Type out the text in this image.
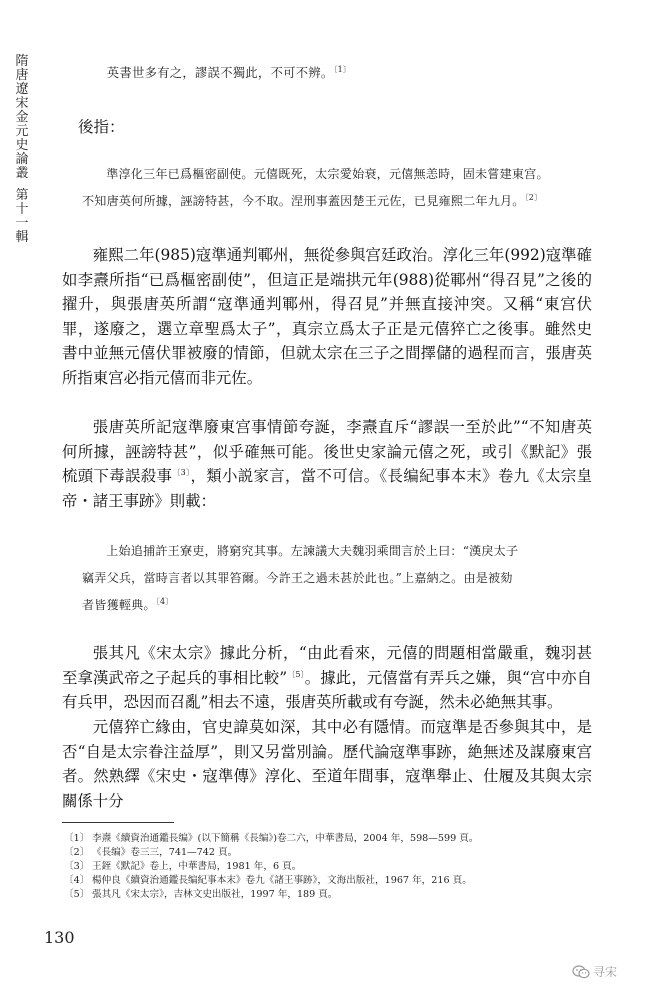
隋唐遼宋金元史論叢
第十一輯

英書世多有之，謬誤不獨此，不可不辨。$^{〔1〕}$

後指：

準淳化三年已爲樞密副使。元僖既死，太宗愛始衰，元僖無恙時，固未嘗建東宫。

不知唐英何所據，誣謗特甚，今不取。涅刑事蓋因楚王元佐，已見雍熙二年九月。$^{〔2〕}$

雍熙二年(985)寇準通判鄆州，無從參與宫廷政治。淳化三年(992)寇準確如李燾所指“已爲樞密副使”，但這正是端拱元年(988)從鄆州“得召見”之後的擢升，與張唐英所謂“寇準通判鄆州，得召見”并無直接沖突。又稱“東宫伏罪，遂廢之，選立章聖爲太子”，真宗立爲太子正是元僖猝亡之後事。雖然史書中並無元僖伏罪被廢的情節，但就太宗在三子之間擇儲的過程而言，張唐英所指東宫必指元僖而非元佐。

張唐英所記寇準廢東宫事情節夸誕，李燾直斥“謬誤一至於此”“不知唐英何所據，誣謗特甚”，似乎確無可能。後世史家論元僖之死，或引《默記》張梳頭下毒誤殺事$^{〔3〕}$，類小説家言，當不可信。《長编紀事本末》卷九《太宗皇帝・諸王事跡》則載：

上始追捕許王寮吏，將窮究其事。左諫議大夫魏羽乘間言於上曰：“漢戾太子

竊弄父兵，當時言者以其罪笞爾。今許王之過未甚於此也。”上嘉納之。由是被劾

者皆獲輕典。$^{〔4〕}$

張其凡《宋太宗》據此分析，“由此看來，元僖的問題相當嚴重，魏羽甚至拿漢武帝之子起兵的事相比較”$^{〔5〕}$。據此，元僖當有弄兵之嫌，與“宫中亦自有兵甲，恐因而召亂”相去不遠，張唐英所載或有夸誕，然未必絶無其事。

元僖猝亡緣由，官史諱莫如深，其中必有隱情。而寇準是否參與其中，是否“自是太宗眷注益厚”，則又另當別論。歷代論寇準事跡，絶無述及謀廢東宫者。然熟繹《宋史・寇準傳》淳化、至道年間事，寇準舉止、仕履及其與太宗關係十分

〔1〕 李燾《續資治通鑑長编》(以下簡稱《長编》)卷二六，中華書局，2004 年，598—599 頁。
〔2〕 《長编》卷三三，741—742 頁。
〔3〕 王銍《默記》卷上，中華書局，1981 年，6 頁。
〔4〕 楊仲良《續資治通鑑長编紀事本末》卷九《諸王事跡》，文海出版社，1967 年，216 頁。
〔5〕 張其凡《宋太宗》，吉林文史出版社，1997 年，189 頁。
130
寻宋
